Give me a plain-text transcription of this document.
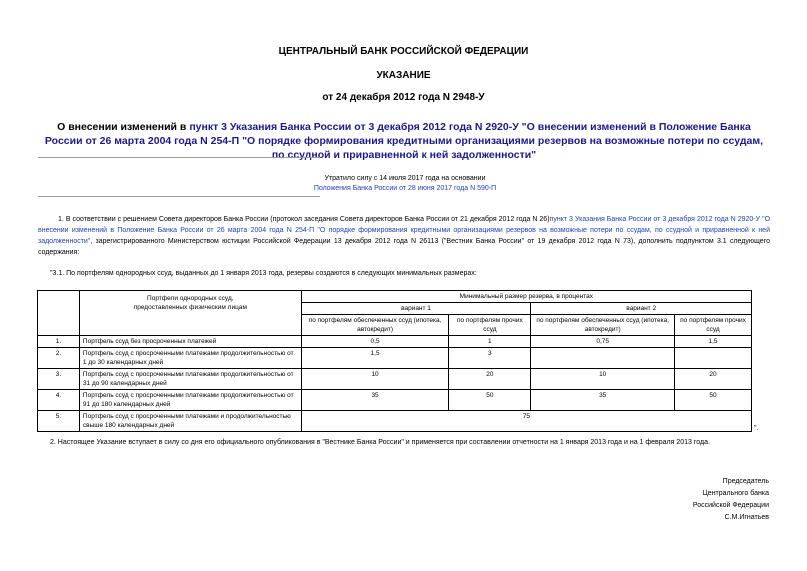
ЦЕНТРАЛЬНЫЙ БАНК РОССИЙСКОЙ ФЕДЕРАЦИИ
УКАЗАНИЕ
от 24 декабря 2012 года N 2948-У
О внесении изменений в пункт 3 Указания Банка России от 3 декабря 2012 года N 2920-У "О внесении изменений в Положение Банка России от 26 марта 2004 года N 254-П "О порядке формирования кредитными организациями резервов на возможные потери по ссудам, по ссудной и приравненной к ней задолженности"
Утратило силу с 14 июля 2017 года на основании
Положения Банка России от 28 июня 2017 года N 590-П
1. В соответствии с решением Совета директоров Банка России (протокол заседания Совета директоров Банка России от 21 декабря 2012 года N 26)пункт 3 Указания Банка России от 3 декабря 2012 года N 2920-У "О внесении изменений в Положение Банка России от 26 марта 2004 года N 254-П "О порядке формирования кредитными организациями резервов на возможные потери по ссудам, по ссудной и приравненной к ней задолженности", зарегистрированного Министерством юстиции Российской Федерации 13 декабря 2012 года N 26113 ("Вестник Банка России" от 19 декабря 2012 года N 73), дополнить подпунктом 3.1 следующего содержания:
"3.1. По портфелям однородных ссуд, выданных до 1 января 2013 года, резервы создаются в следующих минимальных размерах:
	Портфели однородных ссуд, предоставленных физическим лицам	Минимальный размер резерва, в процентах			
		вариант 1		вариант 2	
		по портфелям обеспеченных ссуд (ипотека, автокредит)	по портфелям прочих ссуд	по портфелям обеспеченных ссуд (ипотека, автокредит)	по портфелям прочих ссуд
1.	Портфель ссуд без просроченных платежей	0,5	1	0,75	1,5
2.	Портфель ссуд с просроченными платежами продолжительностью от 1 до 30 календарных дней	1,5	3		
3.	Портфель ссуд с просроченными платежами продолжительностью от 31 до 90 календарных дней	10	20	10	20
4.	Портфель ссуд с просроченными платежами продолжительностью от 91 до 180 календарных дней	35	50	35	50
5.	Портфель ссуд с просроченными платежами и продолжительностью свыше 180 календарных дней	75			
".
2. Настоящее Указание вступает в силу со дня его официального опубликования в "Вестнике Банка России" и применяется при составлении отчетности на 1 января 2013 года и на 1 февраля 2013 года.
Председатель
Центрального банка
Российской Федерации
С.М.Игнатьев
